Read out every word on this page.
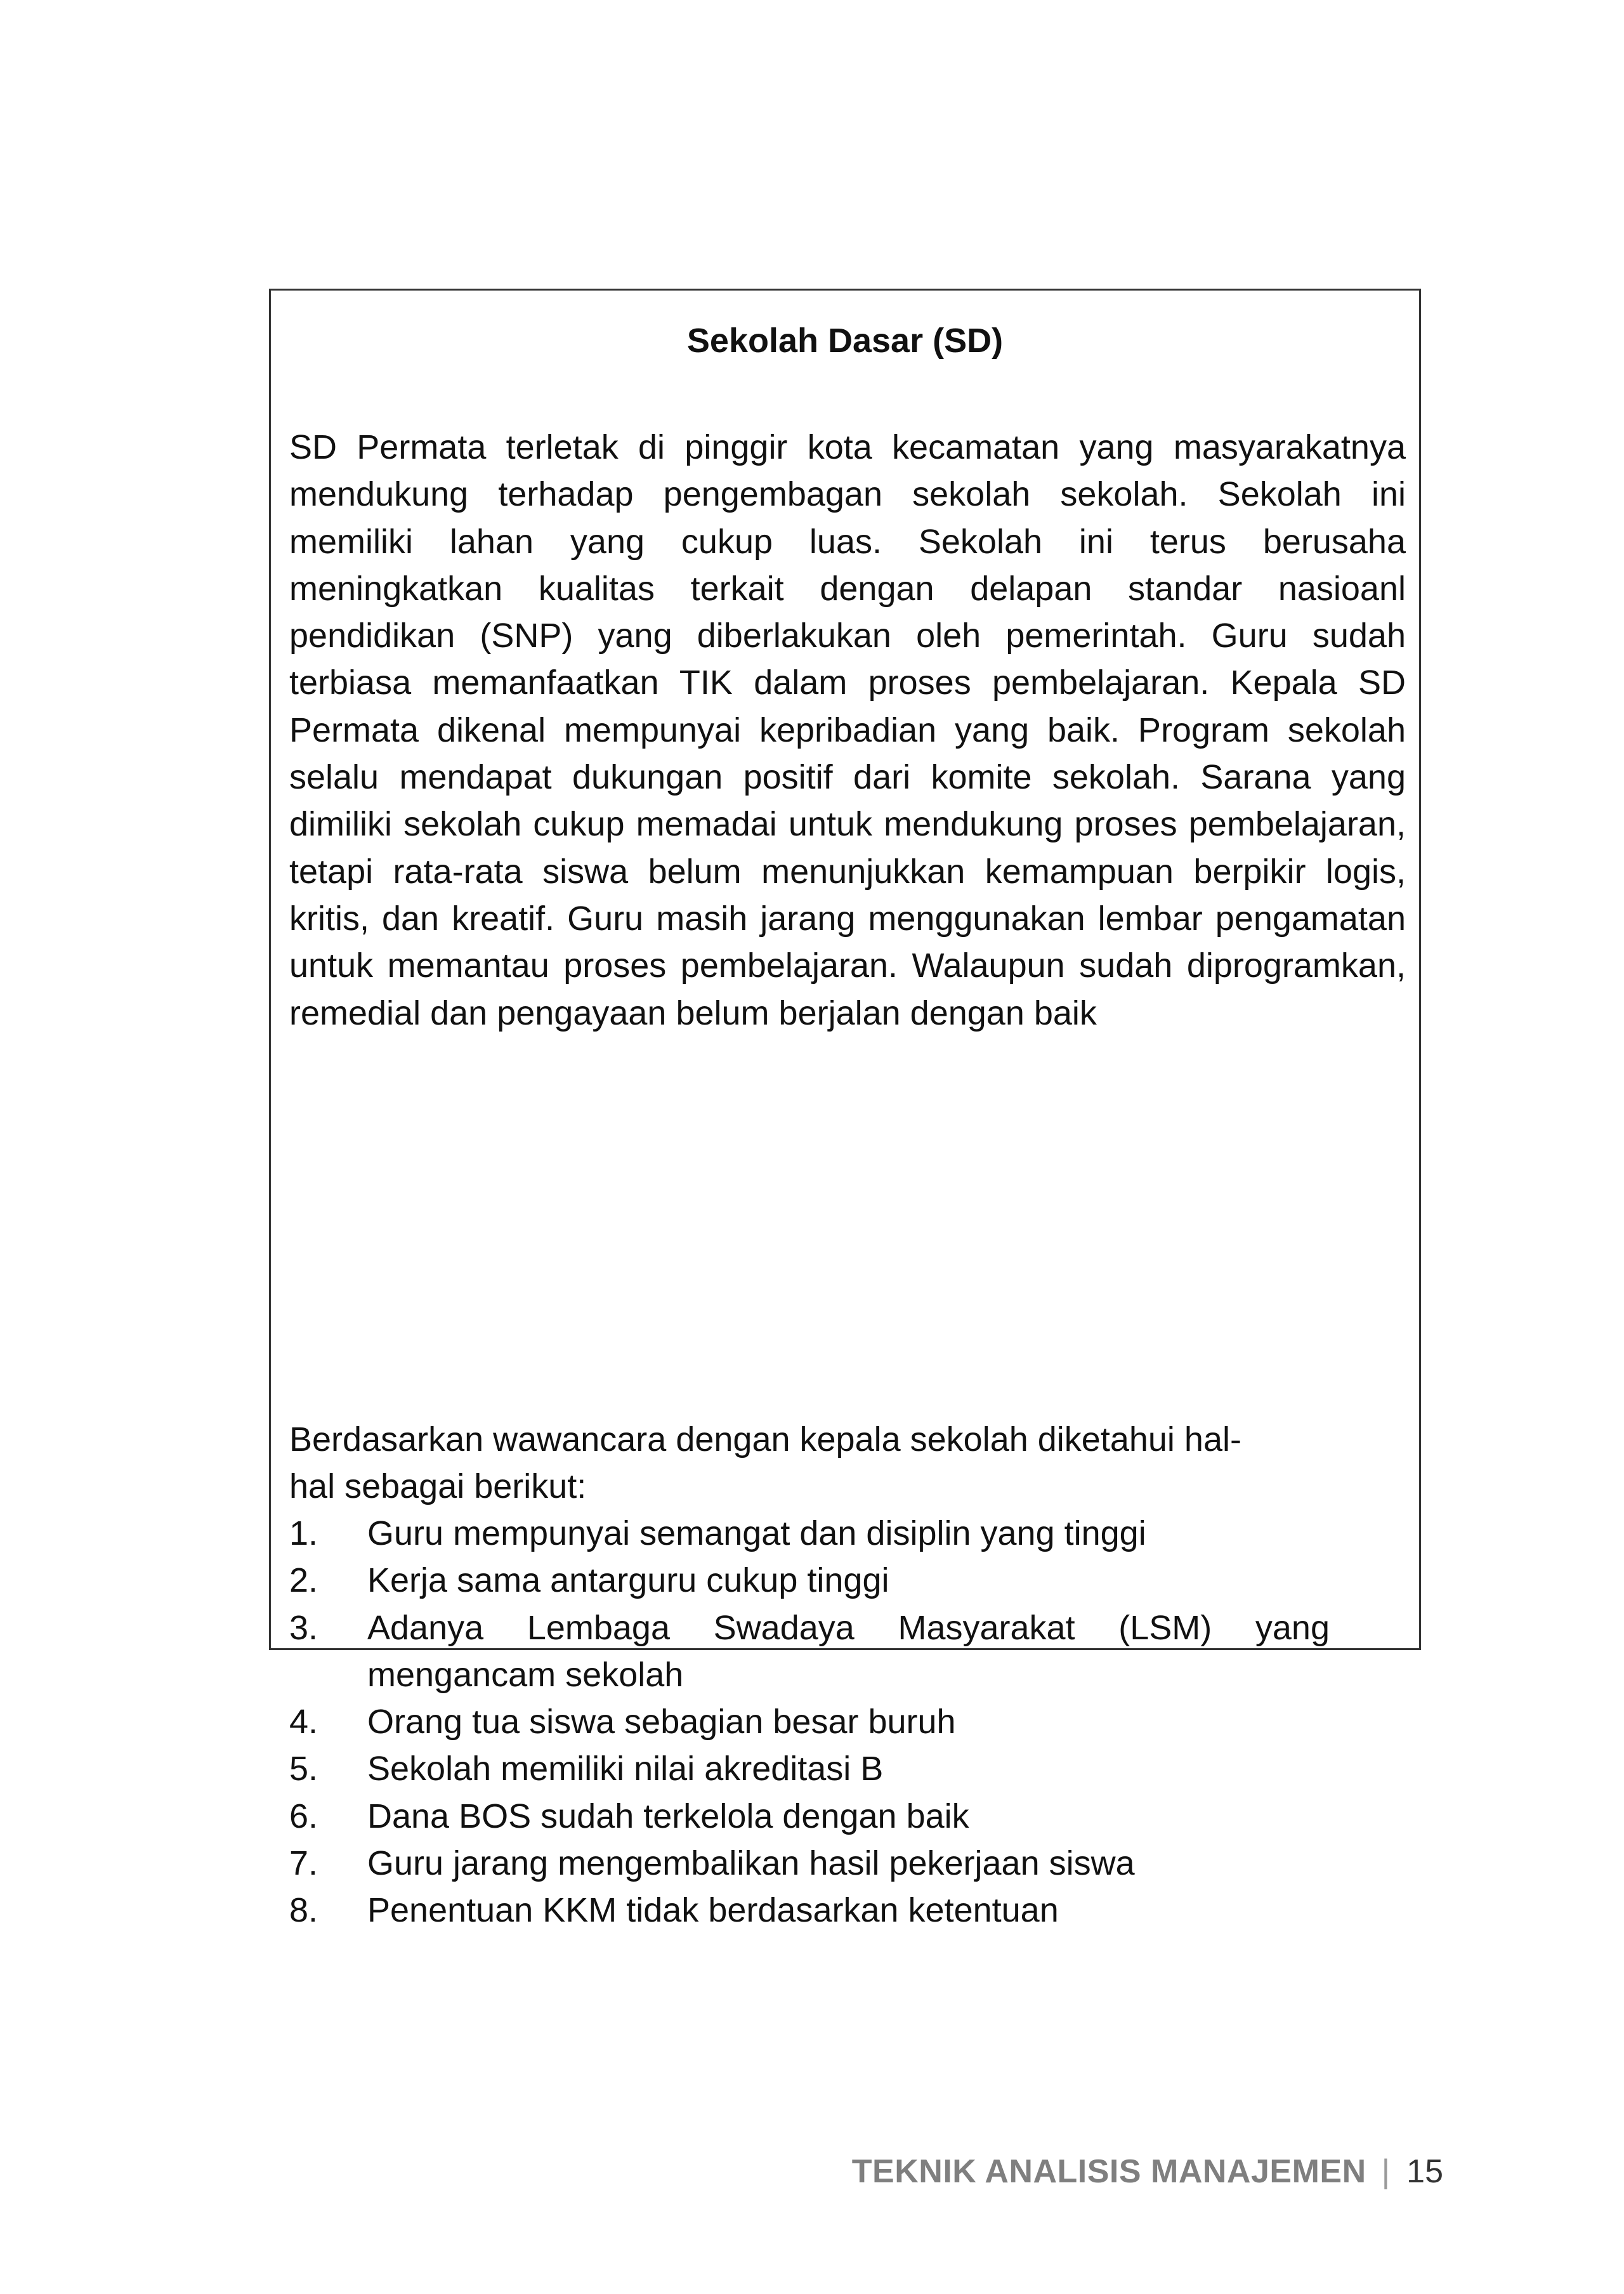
Sekolah Dasar (SD)

SD Permata terletak di pinggir kota kecamatan yang masyarakatnya mendukung terhadap pengembagan sekolah sekolah. Sekolah ini memiliki lahan yang cukup luas. Sekolah ini terus berusaha meningkatkan kualitas terkait dengan delapan standar nasioanl pendidikan (SNP) yang diberlakukan oleh pemerintah. Guru sudah terbiasa memanfaatkan TIK dalam proses pembelajaran. Kepala SD Permata dikenal mempunyai kepribadian yang baik. Program sekolah selalu mendapat dukungan positif dari komite sekolah. Sarana yang dimiliki sekolah cukup memadai untuk mendukung proses pembelajaran, tetapi rata-rata siswa belum menunjukkan kemampuan berpikir logis, kritis, dan kreatif. Guru masih jarang menggunakan lembar pengamatan untuk memantau proses pembelajaran. Walaupun sudah diprogramkan, remedial dan pengayaan belum berjalan dengan baik

Berdasarkan wawancara dengan kepala sekolah diketahui hal-

hal sebagai berikut:

1. Guru mempunyai semangat dan disiplin yang tinggi
2. Kerja sama antarguru cukup tinggi
3. Adanya Lembaga Swadaya Masyarakat (LSM) yang
mengancam sekolah
4. Orang tua siswa sebagian besar buruh
5. Sekolah memiliki nilai akreditasi B
6. Dana BOS sudah terkelola dengan baik
7. Guru jarang mengembalikan hasil pekerjaan siswa
8. Penentuan KKM tidak berdasarkan ketentuan
TEKNIK ANALISIS MANAJEMEN | 15
